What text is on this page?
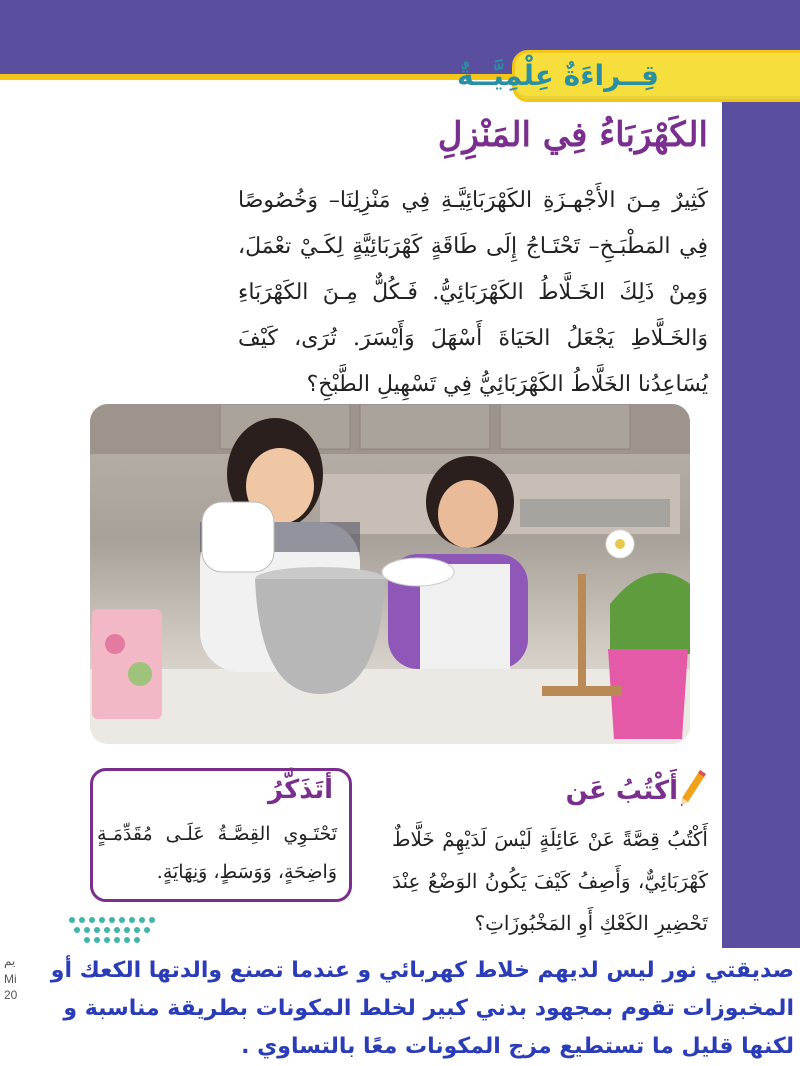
قِــراءَةٌ عِلْمِيَّــةٌ
الكَهْرَبَاءُ فِي المَنْزِلِ
كَثِيرٌ مِـنَ الأَجْهـزَةِ الكَهْرَبَائِيَّـةِ فِي مَنْزِلِنَا– وَخُصُوصًا فِي المَطْبَـخِ– تَحْتَـاجُ إِلَى طَاقَةٍ كَهْرَبَائِيَّةٍ لِكَـيْ تعْمَلَ، وَمِنْ ذَلِكَ الخَـلَّاطُ الكَهْرَبَائِيُّ. فَـكُلٌّ مِـنَ الكَهْرَبَاءِ وَالخَـلَّاطِ يَجْعَلُ الحَيَاةَ أَسْهَلَ وَأَيْسَرَ. تُرَى، كَيْفَ يُسَاعِدُنا الخَلَّاطُ الكَهْرَبَائِيُّ فِي تَسْهِيلِ الطَّبْخِ؟
أَتَذَكَّرُ
تَحْتَـوِي القِصَّـةُ عَلَـى مُقَدِّمَـةٍ وَاضِحَةٍ، وَوَسَطٍ، وَنِهَايَةٍ.
أَكْتُبُ عَن
أَكْتُبُ قِصَّةً عَنْ عَائِلَةٍ لَيْسَ لَدَيْهِمْ خَلَّاطٌ كَهْرَبَائِيٌّ، وَأَصِفُ كَيْفَ يَكُونُ الوَضْعُ عِنْدَ تَحْضِيرِ الكَعْكِ أَوِ المَخْبُوزَاتِ؟
يم
Mi
20
صديقتي نور ليس لديهم خلاط كهربائي و عندما تصنع والدتها الكعك أو المخبوزات تقوم بمجهود بدني كبير لخلط المكونات بطريقة مناسبة و لكنها قليل ما تستطيع مزج المكونات معًا بالتساوي .
